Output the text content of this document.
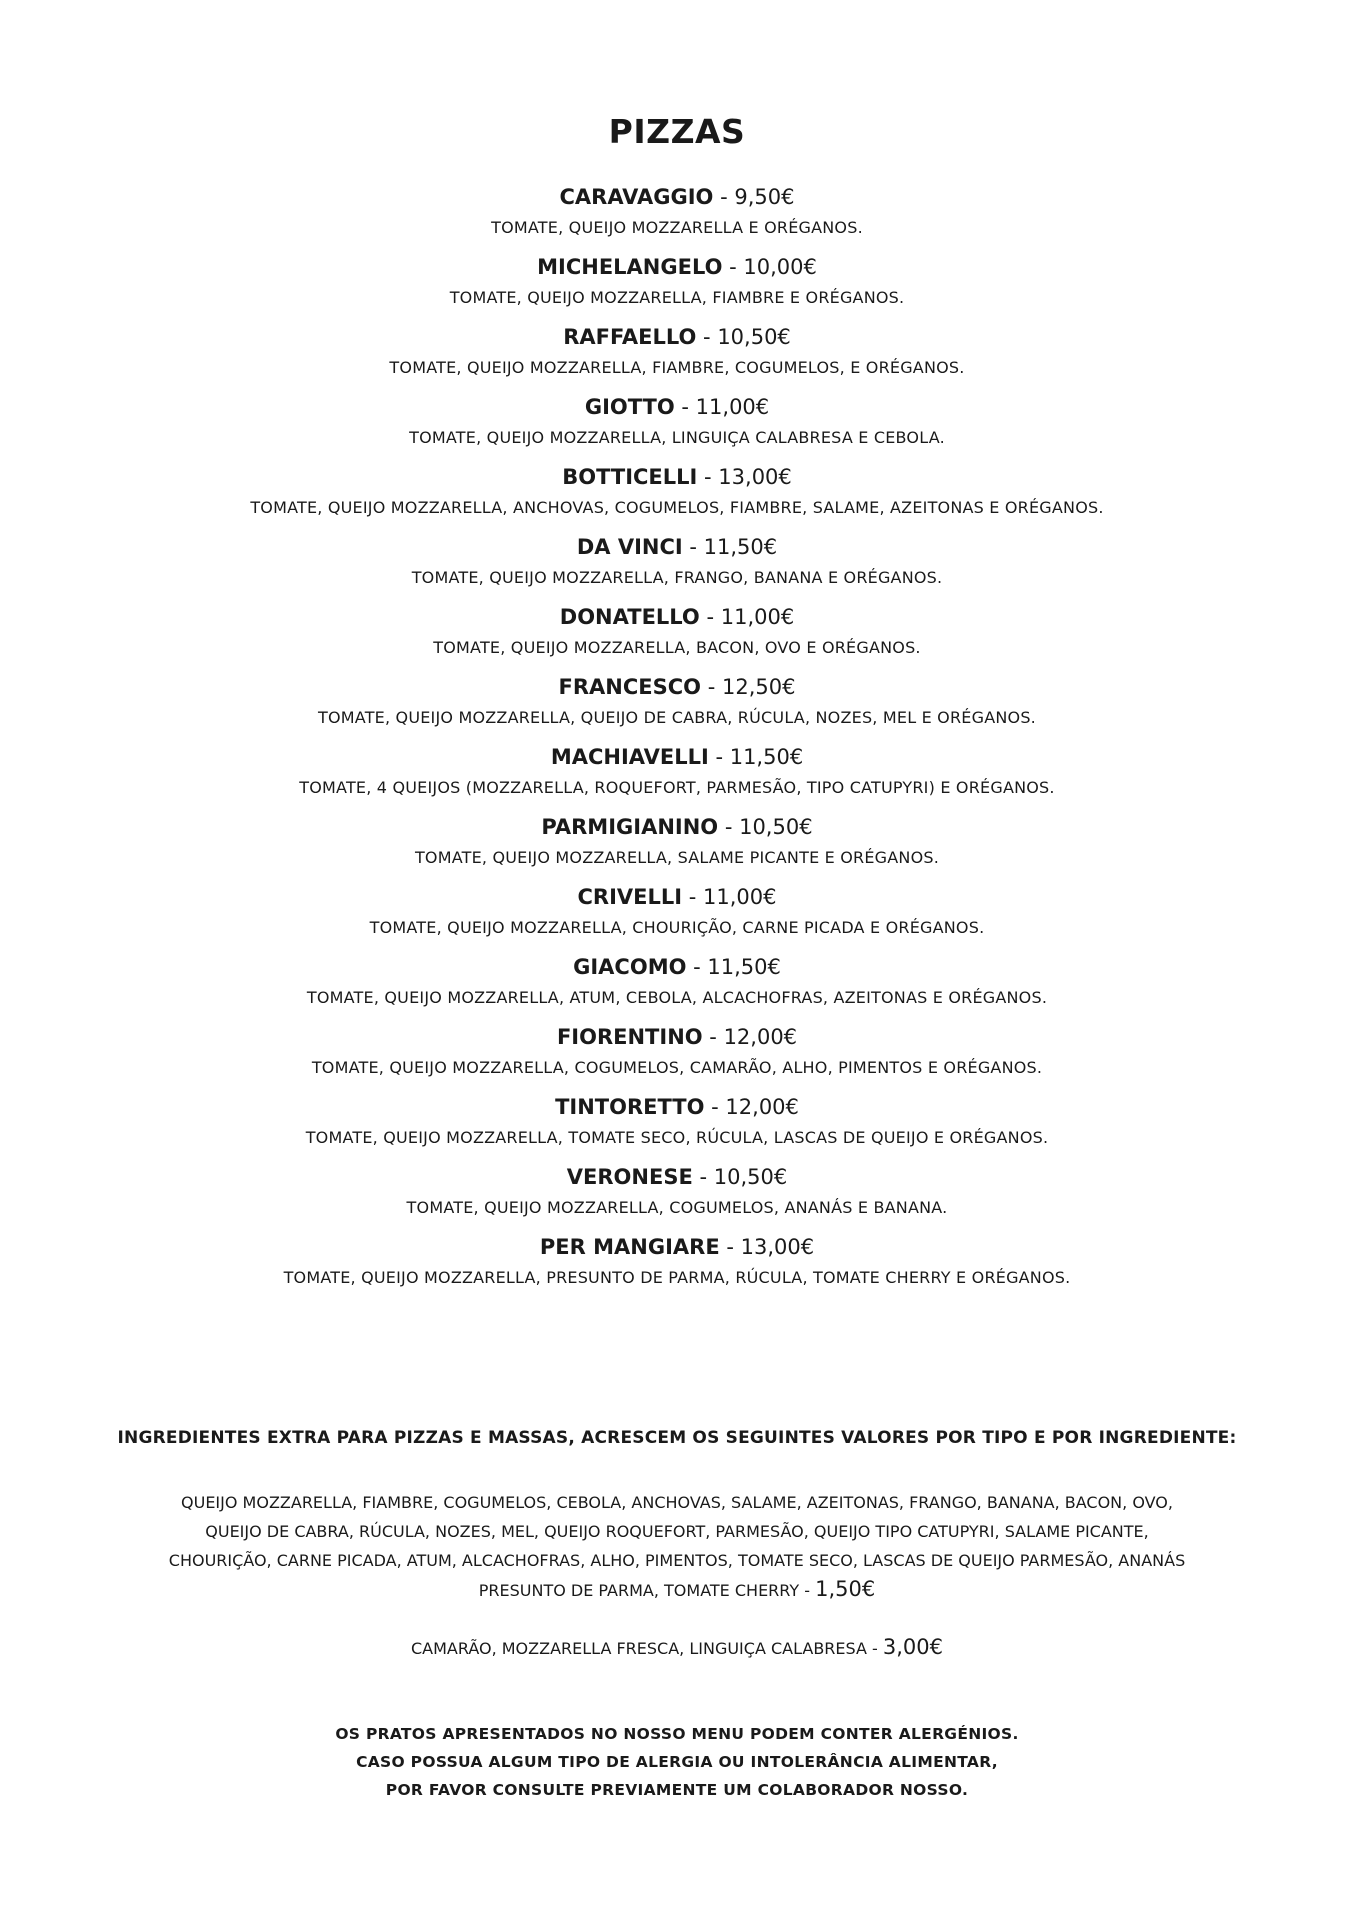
PIZZAS
CARAVAGGIO - 9,50€
TOMATE, QUEIJO MOZZARELLA E ORÉGANOS.
MICHELANGELO - 10,00€
TOMATE, QUEIJO MOZZARELLA, FIAMBRE E ORÉGANOS.
RAFFAELLO - 10,50€
TOMATE, QUEIJO MOZZARELLA, FIAMBRE, COGUMELOS, E ORÉGANOS.
GIOTTO - 11,00€
TOMATE, QUEIJO MOZZARELLA, LINGUIÇA CALABRESA E CEBOLA.
BOTTICELLI - 13,00€
TOMATE, QUEIJO MOZZARELLA, ANCHOVAS, COGUMELOS, FIAMBRE, SALAME, AZEITONAS E ORÉGANOS.
DA VINCI - 11,50€
TOMATE, QUEIJO MOZZARELLA, FRANGO, BANANA E ORÉGANOS.
DONATELLO - 11,00€
TOMATE, QUEIJO MOZZARELLA, BACON, OVO E ORÉGANOS.
FRANCESCO - 12,50€
TOMATE, QUEIJO MOZZARELLA, QUEIJO DE CABRA, RÚCULA, NOZES, MEL E ORÉGANOS.
MACHIAVELLI - 11,50€
TOMATE, 4 QUEIJOS (MOZZARELLA, ROQUEFORT, PARMESÃO, TIPO CATUPYRI) E ORÉGANOS.
PARMIGIANINO - 10,50€
TOMATE, QUEIJO MOZZARELLA, SALAME PICANTE E ORÉGANOS.
CRIVELLI - 11,00€
TOMATE, QUEIJO MOZZARELLA, CHOURIÇÃO, CARNE PICADA E ORÉGANOS.
GIACOMO - 11,50€
TOMATE, QUEIJO MOZZARELLA, ATUM, CEBOLA, ALCACHOFRAS, AZEITONAS E ORÉGANOS.
FIORENTINO - 12,00€
TOMATE, QUEIJO MOZZARELLA, COGUMELOS, CAMARÃO, ALHO, PIMENTOS E ORÉGANOS.
TINTORETTO - 12,00€
TOMATE, QUEIJO MOZZARELLA, TOMATE SECO, RÚCULA, LASCAS DE QUEIJO E ORÉGANOS.
VERONESE - 10,50€
TOMATE, QUEIJO MOZZARELLA, COGUMELOS, ANANÁS E BANANA.
PER MANGIARE - 13,00€
TOMATE, QUEIJO MOZZARELLA, PRESUNTO DE PARMA, RÚCULA, TOMATE CHERRY E ORÉGANOS.
INGREDIENTES EXTRA PARA PIZZAS E MASSAS, ACRESCEM OS SEGUINTES VALORES POR TIPO E POR INGREDIENTE:
QUEIJO MOZZARELLA, FIAMBRE, COGUMELOS, CEBOLA, ANCHOVAS, SALAME, AZEITONAS, FRANGO, BANANA, BACON, OVO,
QUEIJO DE CABRA, RÚCULA, NOZES, MEL, QUEIJO ROQUEFORT, PARMESÃO, QUEIJO TIPO CATUPYRI, SALAME PICANTE,
CHOURIÇÃO, CARNE PICADA, ATUM, ALCACHOFRAS, ALHO, PIMENTOS, TOMATE SECO, LASCAS DE QUEIJO PARMESÃO, ANANÁS
PRESUNTO DE PARMA, TOMATE CHERRY - 1,50€
CAMARÃO, MOZZARELLA FRESCA, LINGUIÇA CALABRESA - 3,00€
OS PRATOS APRESENTADOS NO NOSSO MENU PODEM CONTER ALERGÉNIOS.
CASO POSSUA ALGUM TIPO DE ALERGIA OU INTOLERÂNCIA ALIMENTAR,
POR FAVOR CONSULTE PREVIAMENTE UM COLABORADOR NOSSO.
